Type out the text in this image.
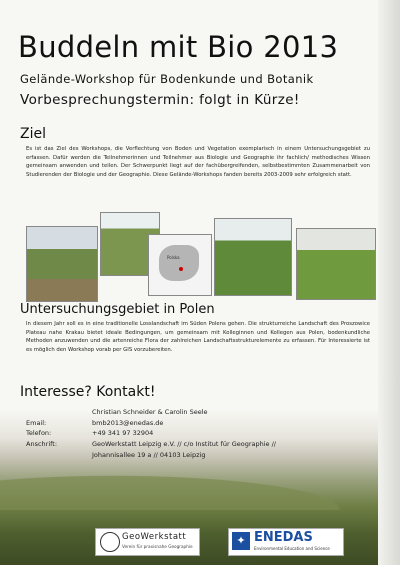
Buddeln mit Bio 2013
Gelände-Workshop für Bodenkunde und Botanik
Vorbesprechungstermin: folgt in Kürze!
Ziel
Es ist das Ziel des Workshops, die Verflechtung von Boden und Vegetation exemplarisch in einem Untersuchungsgebiet zu erfassen. Dafür werden die Teilnehmerinnen und Teilnehmer aus Biologie und Geographie ihr fachlich/ methodisches Wissen gemeinsam anwenden und teilen. Der Schwerpunkt liegt auf der fachübergreifenden, selbstbestimmten Zusammenarbeit von Studierenden der Biologie und der Geographie. Diese Gelände-Workshops fanden bereits 2003-2009 sehr erfolgreich statt.
Polska
Untersuchungsgebiet in Polen
In diesem Jahr soll es in eine traditionelle Losslandschaft im Süden Polens gehen. Die strukturreiche Landschaft des Proszowice Plateau nahe Krakau bietet ideale Bedingungen, um gemeinsam mit Kolleginnen und Kollegen aus Polen, bodenkundliche Methoden anzuwenden und die artenreiche Flora der zahlreichen Landschaftsstrukturelemente zu erfassen. Für Interessierte ist es möglich den Workshop vorab per GIS vorzubereiten.
Interesse? Kontakt!
Christian Schneider & Carolin Seele
Email:	bmb2013@enedas.de
Telefon:	+49 341 97 32904
Anschrift:	GeoWerkstatt Leipzig e.V. // c/o Institut für Geographie //
Johannisallee 19 a // 04103 Leipzig
GeoWerkstatt
Verein für praxisnahe Geographie	✦ ENEDAS
Environmental Education and Science
